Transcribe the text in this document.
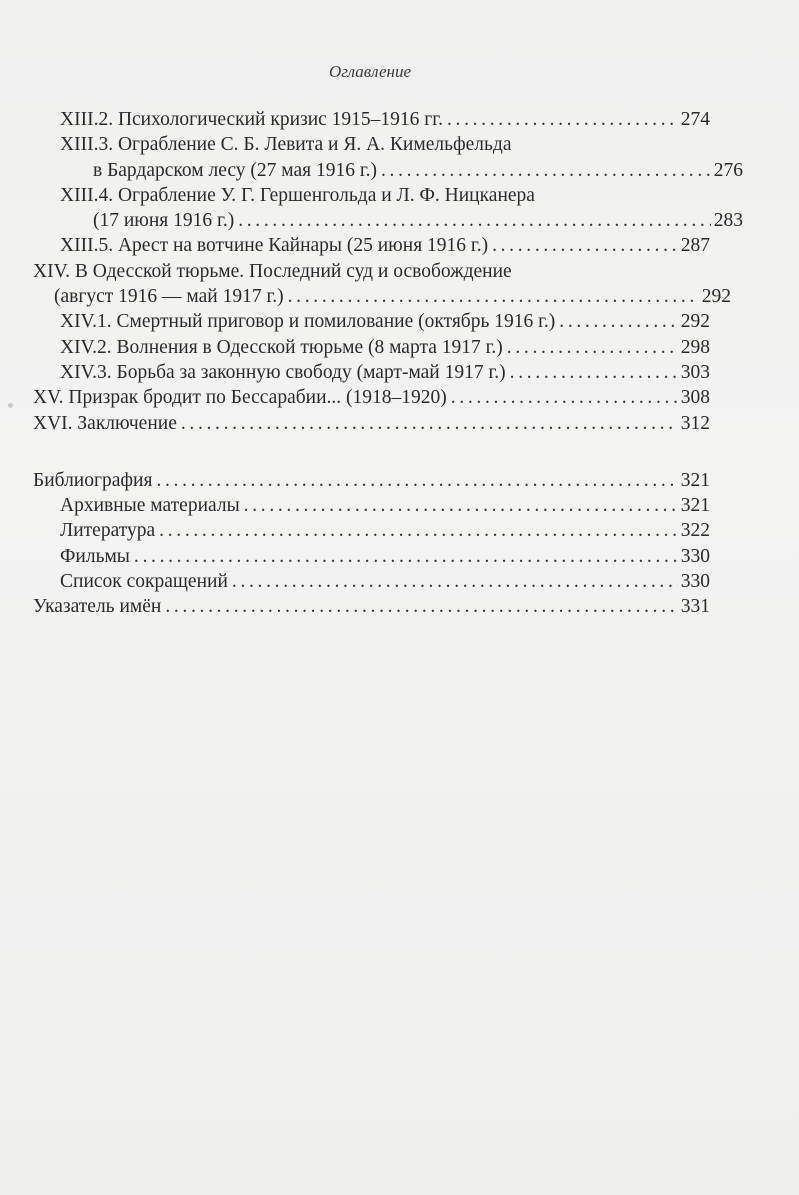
Оглавление
XIII.2. Психологический кризис 1915–1916 гг. . . .	274
XIII.3. Ограбление С. Б. Левита и Я. А. Кимельфельда
в Бардарском лесу (27 мая 1916 г.) . . .	276
XIII.4. Ограбление У. Г. Гершенгольда и Л. Ф. Ницканера
(17 июня 1916 г.) . . .	283
XIII.5. Арест на вотчине Кайнары (25 июня 1916 г.) . . .	287
XIV. В Одесской тюрьме. Последний суд и освобождение
(август 1916 — май 1917 г.) . . .	292
XIV.1. Смертный приговор и помилование (октябрь 1916 г.) . . .	292
XIV.2. Волнения в Одесской тюрьме (8 марта 1917 г.) . . .	298
XIV.3. Борьба за законную свободу (март-май 1917 г.) . . .	303
XV. Призрак бродит по Бессарабии... (1918–1920) . . .	308
XVI. Заключение . . .	312
Библиография . . .	321
Архивные материалы . . .	321
Литература . . .	322
Фильмы . . .	330
Список сокращений . . .	330
Указатель имён . . .	331
